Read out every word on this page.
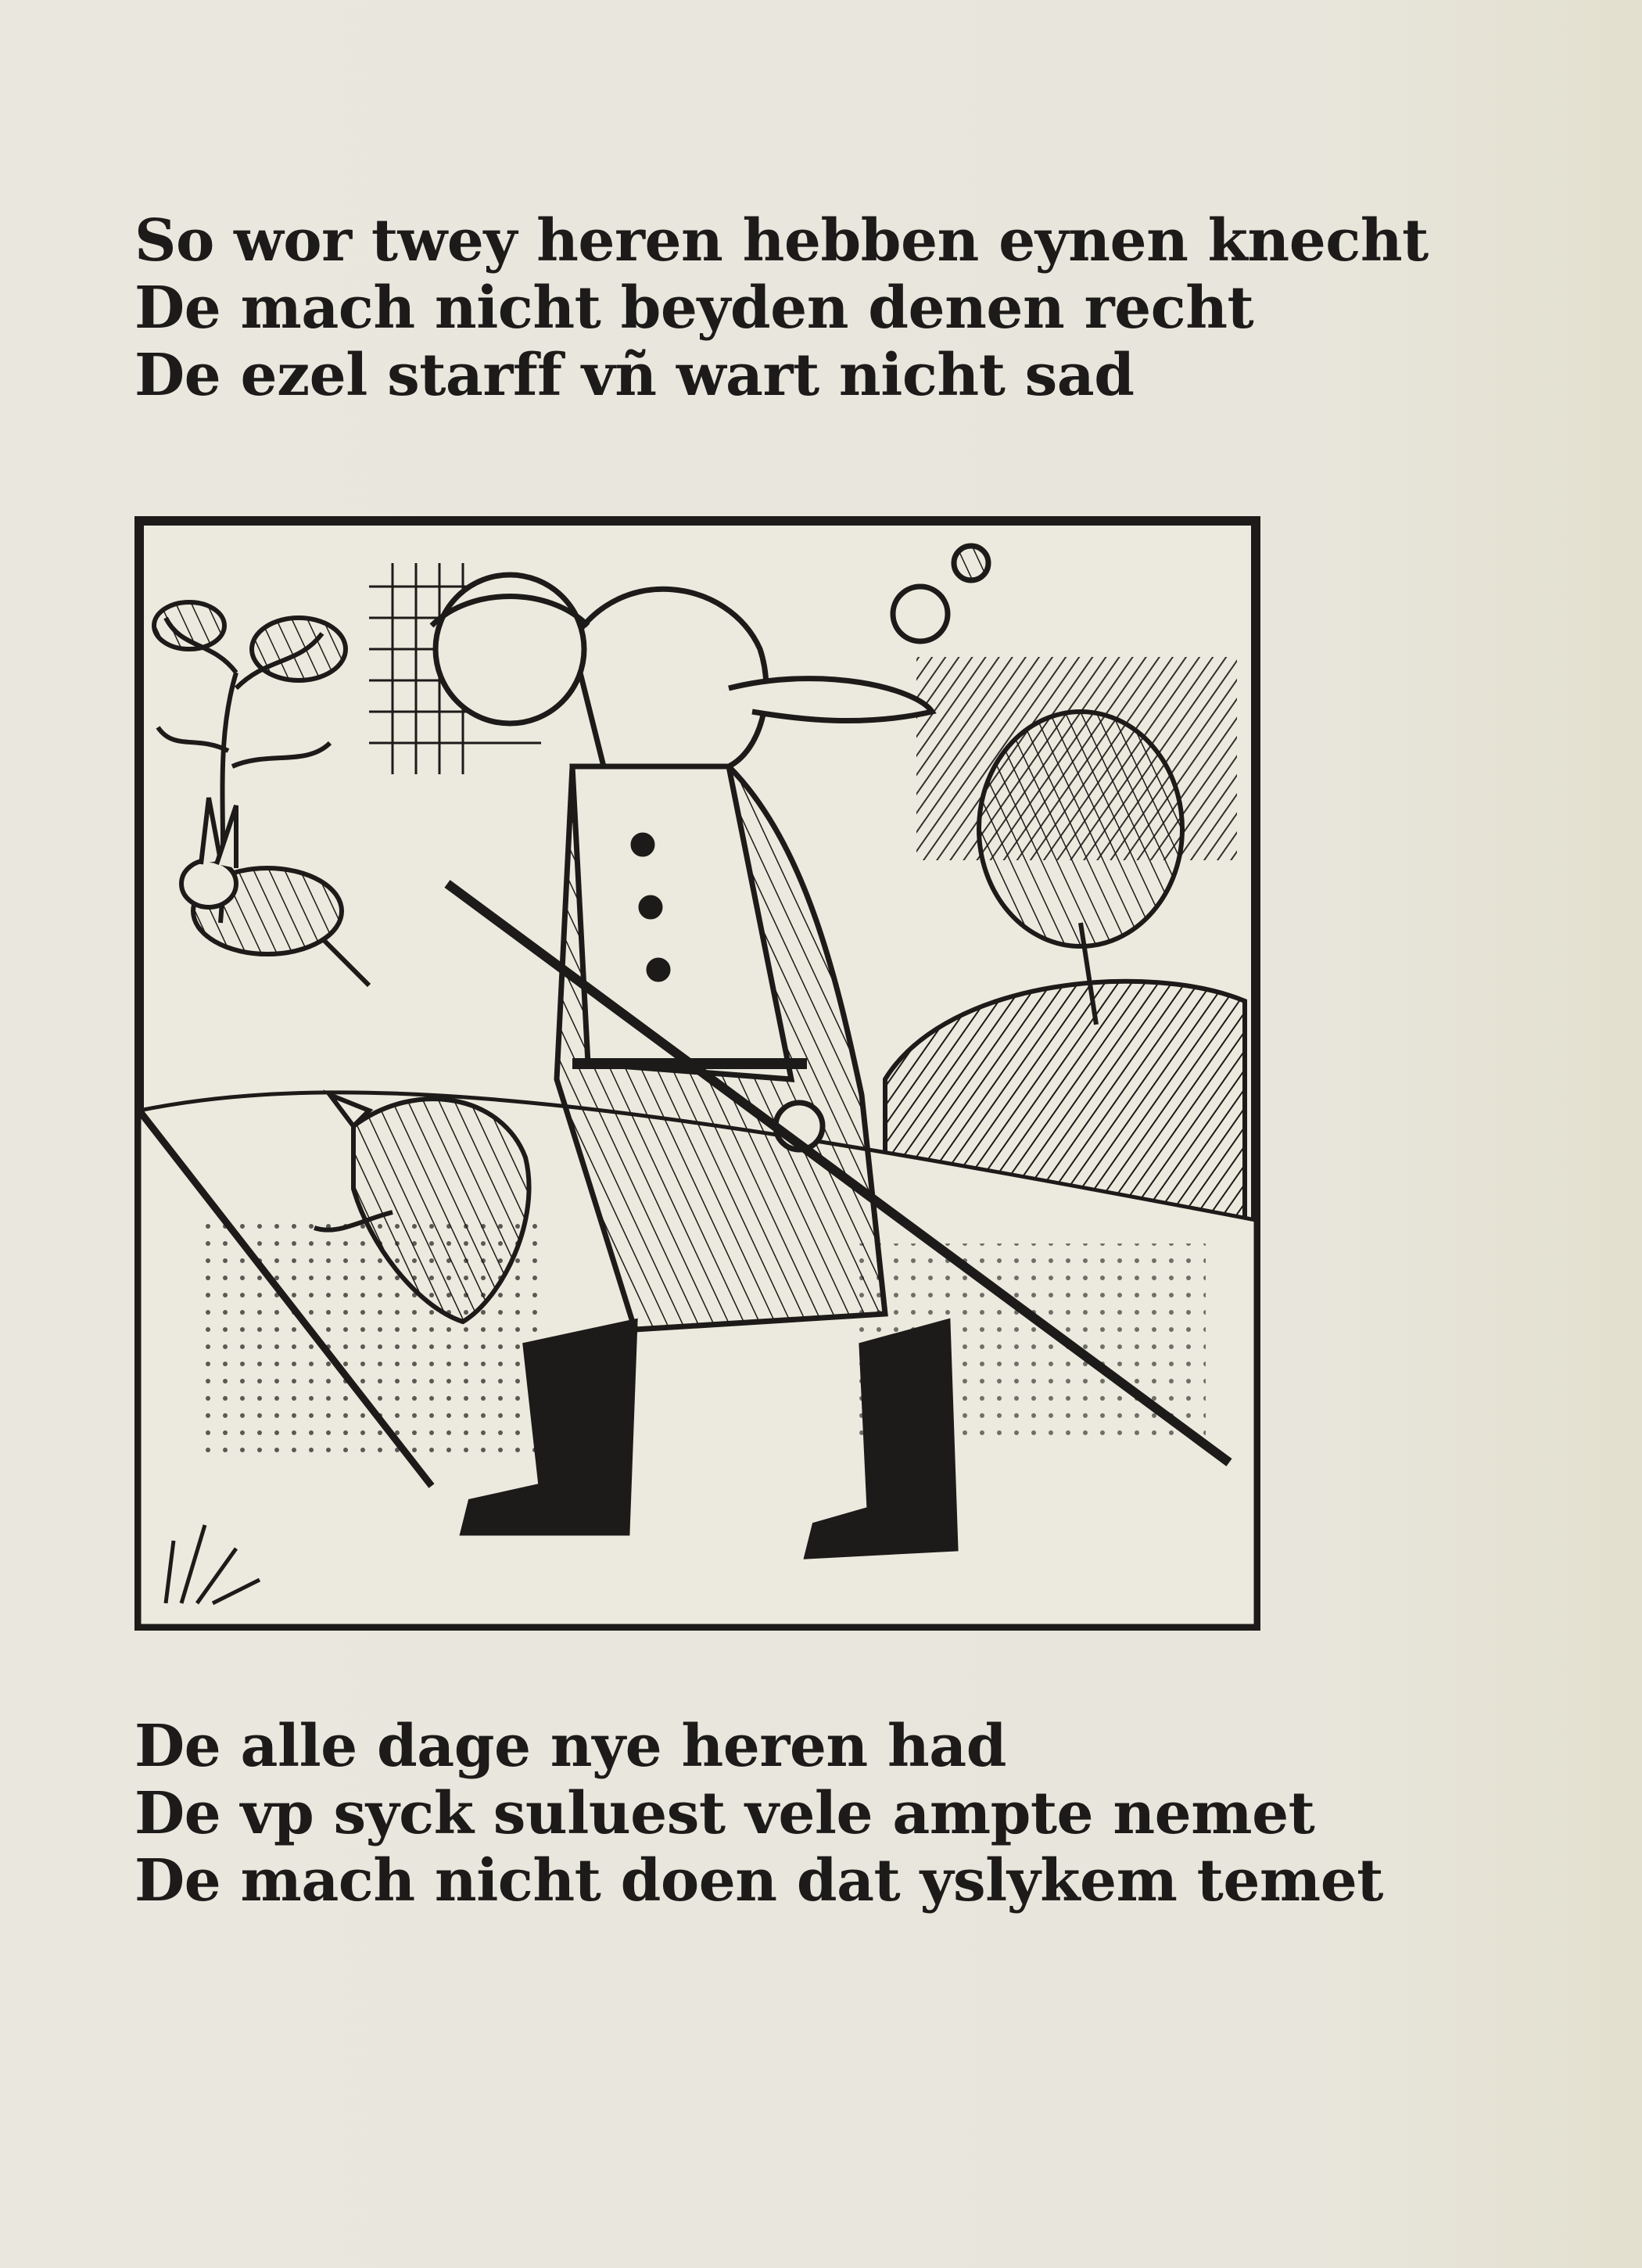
So wor twey heren hebben eynen knecht
De mach nicht beyden denen recht
De ezel starff vñ wart nicht sad
De alle dage nye heren had
De vp syck suluest vele ampte nemet
De mach nicht doen dat yslykem temet
